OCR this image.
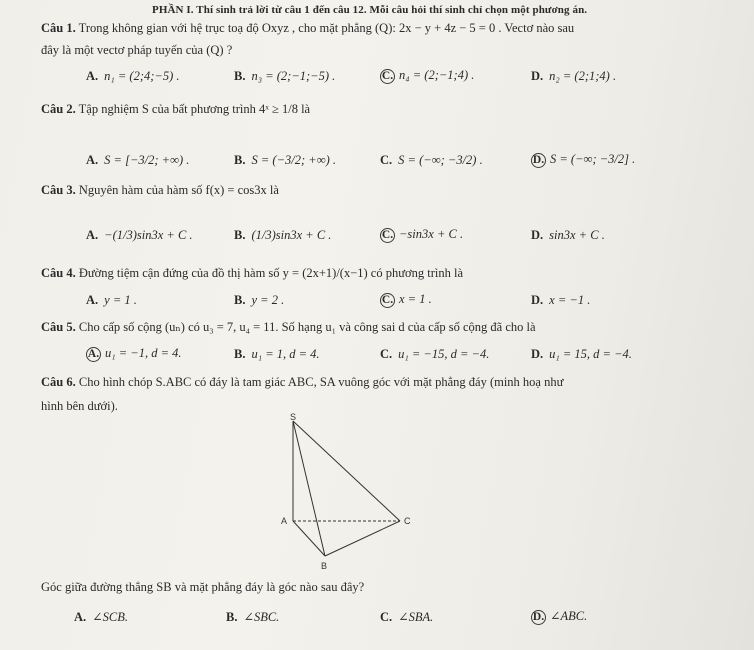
PHẦN I. Thí sinh trả lời từ câu 1 đến câu 12. Mỗi câu hỏi thí sinh chỉ chọn một phương án.
Câu 1. Trong không gian với hệ trục toạ độ Oxyz , cho mặt phẳng (Q): 2x − y + 4z − 5 = 0 . Vectơ nào sau
đây là một vectơ pháp tuyến của (Q) ?
A. n₁ = (2;4;−5) .	B. n₃ = (2;−1;−5) .	C. n₄ = (2;−1;4) .	D. n₂ = (2;1;4) .
Câu 2. Tập nghiệm S của bất phương trình 4ˣ ≥ 1/8 là
A. S = [−3/2; +∞) .	B. S = (−3/2; +∞) .	C. S = (−∞; −3/2) .	D. S = (−∞; −3/2] .
Câu 3. Nguyên hàm của hàm số f(x) = cos3x là
A. −(1/3)sin3x + C .	B. (1/3)sin3x + C .	C. −sin3x + C .	D. sin3x + C .
Câu 4. Đường tiệm cận đứng của đồ thị hàm số y = (2x+1)/(x−1) có phương trình là
A. y = 1 .	B. y = 2 .	C. x = 1 .	D. x = −1 .
Câu 5. Cho cấp số cộng (uₙ) có u₃ = 7, u₄ = 11. Số hạng u₁ và công sai d của cấp số cộng đã cho là
A. u₁ = −1, d = 4.	B. u₁ = 1, d = 4.	C. u₁ = −15, d = −4.	D. u₁ = 15, d = −4.
Câu 6. Cho hình chóp S.ABC có đáy là tam giác ABC, SA vuông góc với mặt phẳng đáy (minh hoạ như
hình bên dưới).
S
A
B
C
Góc giữa đường thẳng SB và mặt phẳng đáy là góc nào sau đây?
A. ∠SCB.	B. ∠SBC.	C. ∠SBA.	D. ∠ABC.
